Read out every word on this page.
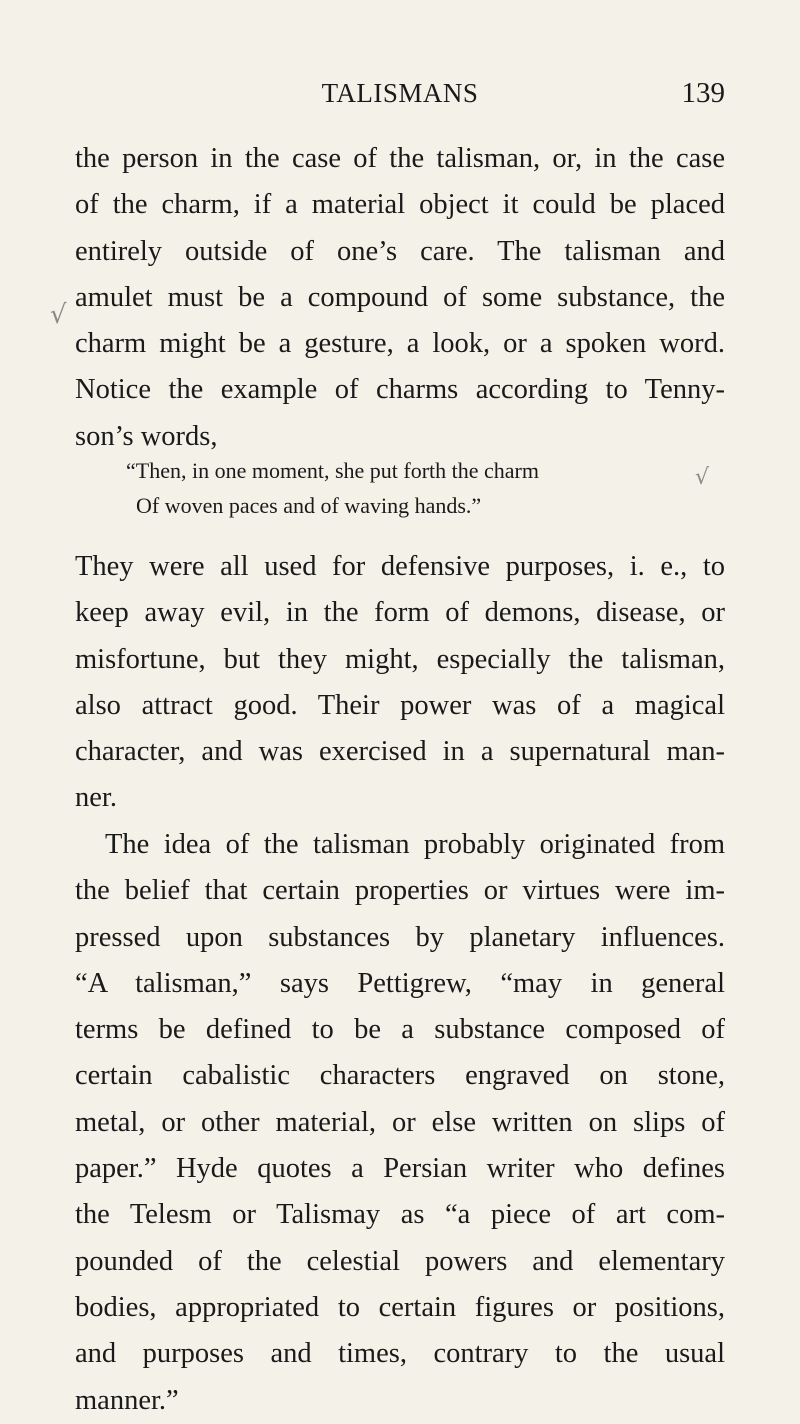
TALISMANS	139
√
√
the person in the case of the talisman, or, in the case
of the charm, if a material object it could be placed
entirely outside of one’s care. The talisman and
amulet must be a compound of some substance, the
charm might be a gesture, a look, or a spoken word.
Notice the example of charms according to Tenny-
son’s words,
“Then, in one moment, she put forth the charm
Of woven paces and of waving hands.”
They were all used for defensive purposes, i. e., to
keep away evil, in the form of demons, disease, or
misfortune, but they might, especially the talisman,
also attract good. Their power was of a magical
character, and was exercised in a supernatural man-
ner.
The idea of the talisman probably originated from
the belief that certain properties or virtues were im-
pressed upon substances by planetary influences.
“A talisman,” says Pettigrew, “may in general
terms be defined to be a substance composed of
certain cabalistic characters engraved on stone,
metal, or other material, or else written on slips of
paper.” Hyde quotes a Persian writer who defines
the Telesm or Talismay as “a piece of art com-
pounded of the celestial powers and elementary
bodies, appropriated to certain figures or positions,
and purposes and times, contrary to the usual
manner.”
